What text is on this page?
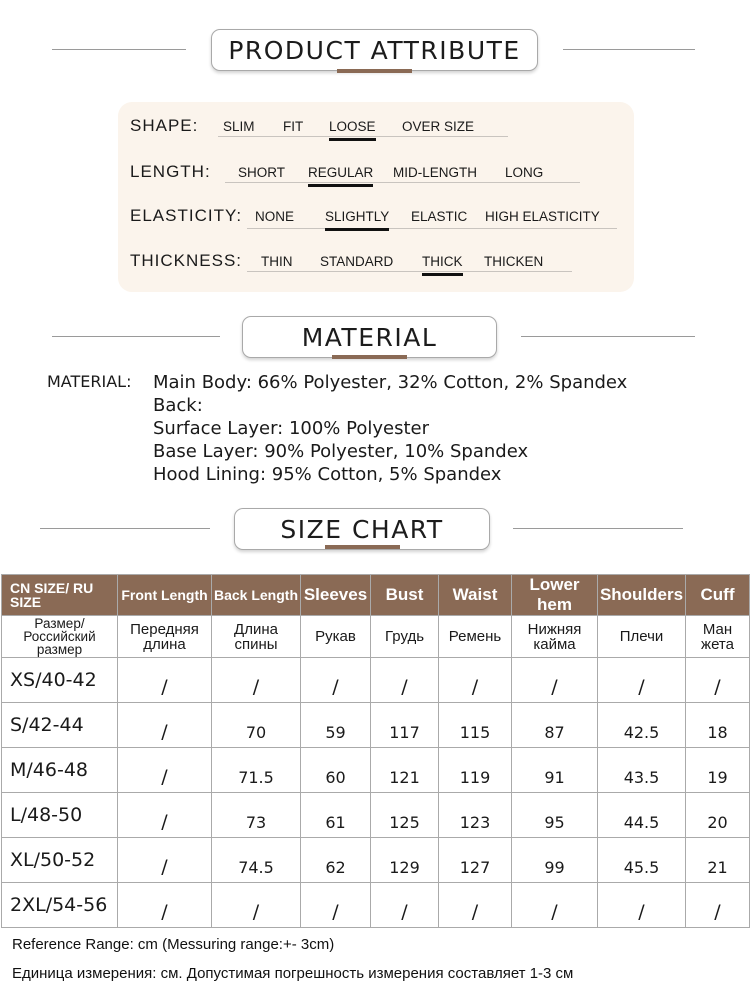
PRODUCT ATTRIBUTE
SHAPE: SLIM FIT LOOSE OVER SIZE
LENGTH: SHORT REGULAR MID-LENGTH LONG
ELASTICITY: NONE SLIGHTLY ELASTIC HIGH ELASTICITY
THICKNESS: THIN STANDARD THICK THICKEN
MATERIAL
MATERIAL: Main Body: 66% Polyester, 32% Cotton, 2% Spandex
Back:
Surface Layer: 100% Polyester
Base Layer: 90% Polyester, 10% Spandex
Hood Lining: 95% Cotton, 5% Spandex
SIZE CHART
CN SIZE/ RU SIZE	Front Length	Back Length	Sleeves	Bust	Waist	Lower hem	Shoulders	Cuff
Размер/ Российский размер	Передняя длина	Длина спины	Рукав	Грудь	Ремень	Нижняя кайма	Плечи	Ман жета
XS/40-42	/	/	/	/	/	/	/	/
S/42-44	/	70	59	117	115	87	42.5	18
M/46-48	/	71.5	60	121	119	91	43.5	19
L/48-50	/	73	61	125	123	95	44.5	20
XL/50-52	/	74.5	62	129	127	99	45.5	21
2XL/54-56	/	/	/	/	/	/	/	/
Reference Range: cm (Messuring range:+- 3cm)
Единица измерения: см. Допустимая погрешность измерения составляет 1-3 см
